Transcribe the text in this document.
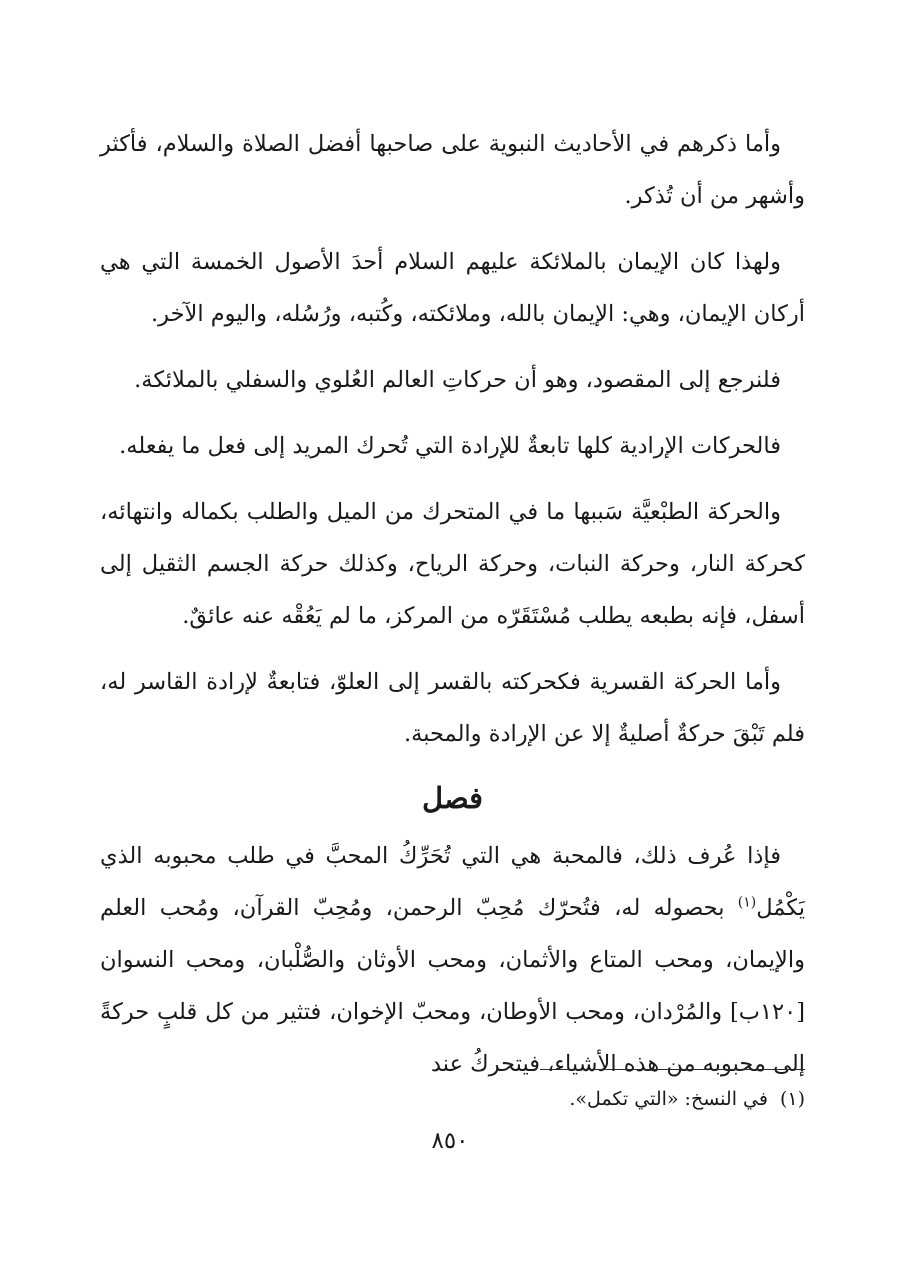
وأما ذكرهم في الأحاديث النبوية على صاحبها أفضل الصلاة والسلام، فأكثر وأشهر من أن تُذكر.

ولهذا كان الإيمان بالملائكة عليهم السلام أحدَ الأصول الخمسة التي هي أركان الإيمان، وهي: الإيمان بالله، وملائكته، وكُتبه، ورُسُله، واليوم الآخر.

فلنرجع إلى المقصود، وهو أن حركاتِ العالم العُلوي والسفلي بالملائكة.

فالحركات الإرادية كلها تابعةٌ للإرادة التي تُحرك المريد إلى فعل ما يفعله.

والحركة الطبْعيَّة سَببها ما في المتحرك من الميل والطلب بكماله وانتهائه، كحركة النار، وحركة النبات، وحركة الرياح، وكذلك حركة الجسم الثقيل إلى أسفل، فإنه بطبعه يطلب مُسْتَقَرّه من المركز، ما لم يَعُقْه عنه عائقٌ.

وأما الحركة القسرية فكحركته بالقسر إلى العلوّ، فتابعةٌ لإرادة القاسر له، فلم تَبْقَ حركةٌ أصليةٌ إلا عن الإرادة والمحبة.

فصل

فإذا عُرف ذلك، فالمحبة هي التي تُحَرِّكُ المحبَّ في طلب محبوبه الذي يَكْمُل$^{(١)}$ بحصوله له، فتُحرّك مُحِبّ الرحمن، ومُحِبّ القرآن، ومُحب العلم والإيمان، ومحب المتاع والأثمان، ومحب الأوثان والصُّلْبان، ومحب النسوان [١٢٠ب] والمُرْدان، ومحب الأوطان، ومحبّ الإخوان، فتثير من كل قلبٍ حركةً إلى محبوبه من هذه الأشياء، فيتحركُ عند

(١)في النسخ: «التي تكمل».
٨٥٠
